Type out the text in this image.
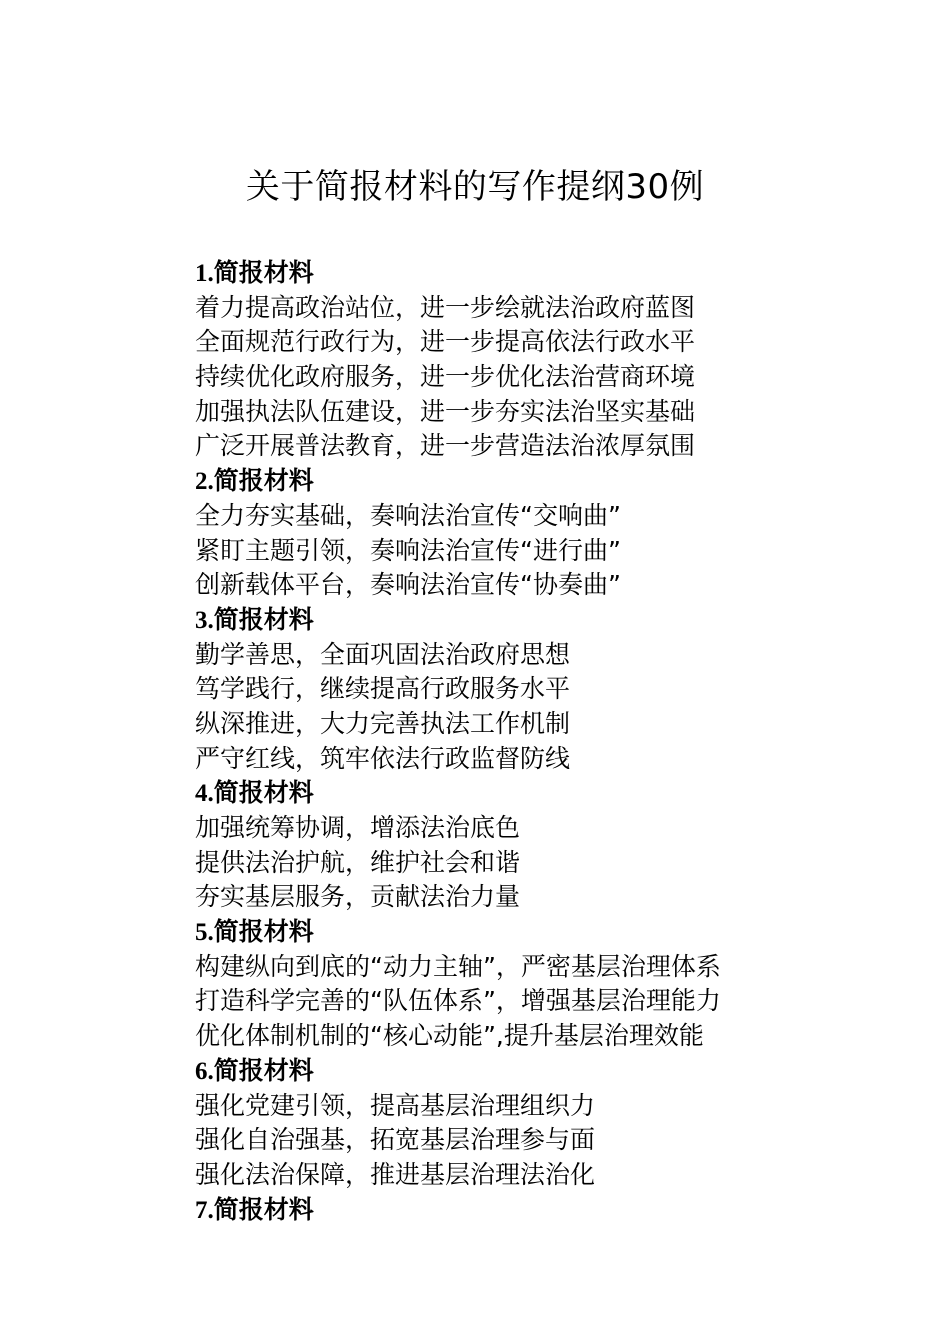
关于简报材料的写作提纲30例
1.简报材料
着力提高政治站位，进一步绘就法治政府蓝图
全面规范行政行为，进一步提高依法行政水平
持续优化政府服务，进一步优化法治营商环境
加强执法队伍建设，进一步夯实法治坚实基础
广泛开展普法教育，进一步营造法治浓厚氛围
2.简报材料
全力夯实基础，奏响法治宣传“交响曲”
紧盯主题引领，奏响法治宣传“进行曲”
创新载体平台，奏响法治宣传“协奏曲”
3.简报材料
勤学善思，全面巩固法治政府思想
笃学践行，继续提高行政服务水平
纵深推进，大力完善执法工作机制
严守红线，筑牢依法行政监督防线
4.简报材料
加强统筹协调，增添法治底色
提供法治护航，维护社会和谐
夯实基层服务，贡献法治力量
5.简报材料
构建纵向到底的“动力主轴”，严密基层治理体系
打造科学完善的“队伍体系”，增强基层治理能力
优化体制机制的“核心动能”,提升基层治理效能
6.简报材料
强化党建引领，提高基层治理组织力
强化自治强基，拓宽基层治理参与面
强化法治保障，推进基层治理法治化
7.简报材料
